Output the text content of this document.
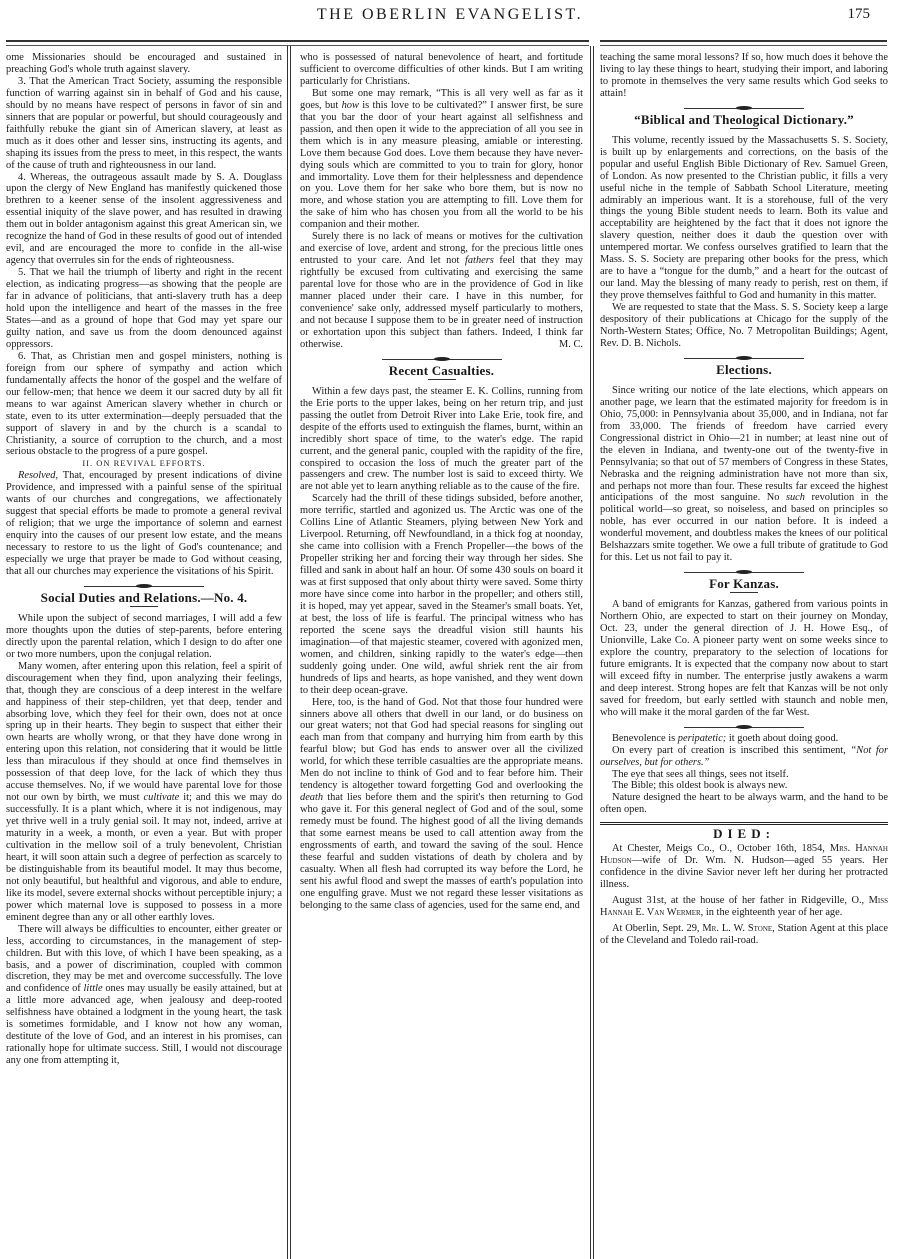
THE OBERLIN EVANGELIST.	175

ome Missionaries should be encouraged and sustained in preaching God's whole truth against slavery.

3. That the American Tract Society, assuming the responsible function of warring against sin in behalf of God and his cause, should by no means have respect of persons in favor of sin and sinners that are popular or powerful, but should courageously and faithfully rebuke the giant sin of American slavery, at least as much as it does other and lesser sins, instructing its agents, and shaping its issues from the press to meet, in this respect, the wants of the cause of truth and righteousness in our land.

4. Whereas, the outrageous assault made by S. A. Douglass upon the clergy of New England has manifestly quickened those brethren to a keener sense of the insolent aggressiveness and essential iniquity of the slave power, and has resulted in drawing them out in bolder antagonism against this great American sin, we recognize the hand of God in these results of good out of intended evil, and are encouraged the more to confide in the all-wise agency that overrules sin for the ends of righteousness.

5. That we hail the triumph of liberty and right in the recent election, as indicating progress—as showing that the people are far in advance of politicians, that anti-slavery truth has a deep hold upon the intelligence and heart of the masses in the free States—and as a ground of hope that God may yet spare our guilty nation, and save us from the doom denounced against oppressors.

6. That, as Christian men and gospel ministers, nothing is foreign from our sphere of sympathy and action which fundamentally affects the honor of the gospel and the welfare of our fellow-men; that hence we deem it our sacred duty by all fit means to war against American slavery whether in church or state, even to its utter extermination—deeply persuaded that the support of slavery in and by the church is a scandal to Christianity, a source of corruption to the church, and a most serious obstacle to the progress of a pure gospel.

II. ON REVIVAL EFFORTS.

Resolved, That, encouraged by present indications of divine Providence, and impressed with a painful sense of the spiritual wants of our churches and congregations, we affectionately suggest that special efforts be made to promote a general revival of religion; that we urge the importance of solemn and earnest enquiry into the causes of our present low estate, and the means necessary to restore to us the light of God's countenance; and especially we urge that prayer be made to God without ceasing, that all our churches may experience the visitations of his Spirit.

Social Duties and Relations.—No. 4.

While upon the subject of second marriages, I will add a few more thoughts upon the duties of step-parents, before entering directly upon the parental relation, which I design to do after one or two more numbers, upon the conjugal relation.

Many women, after entering upon this relation, feel a spirit of discouragement when they find, upon analyzing their feelings, that, though they are conscious of a deep interest in the welfare and happiness of their step-children, yet that deep, tender and absorbing love, which they feel for their own, does not at once spring up in their hearts. They begin to suspect that either their own hearts are wholly wrong, or that they have done wrong in entering upon this relation, not considering that it would be little less than miraculous if they should at once find themselves in possession of that deep love, for the lack of which they thus accuse themselves. No, if we would have parental love for those not our own by birth, we must cultivate it; and this we may do successfully. It is a plant which, where it is not indigenous, may yet thrive well in a truly genial soil. It may not, indeed, arrive at maturity in a week, a month, or even a year. But with proper cultivation in the mellow soil of a truly benevolent, Christian heart, it will soon attain such a degree of perfection as scarcely to be distinguishable from its beautiful model. It may thus become, not only beautiful, but healthful and vigorous, and able to endure, like its model, severe external shocks without perceptible injury; a power which maternal love is supposed to possess in a more eminent degree than any or all other earthly loves.

There will always be difficulties to encounter, either greater or less, according to circumstances, in the management of step-children. But with this love, of which I have been speaking, as a basis, and a power of discrimination, coupled with common discretion, they may be met and overcome successfully. The love and confidence of little ones may usually be easily attained, but at a little more advanced age, when jealousy and deep-rooted selfishness have obtained a lodgment in the young heart, the task is sometimes formidable, and I know not how any woman, destitute of the love of God, and an interest in his promises, can rationally hope for ultimate success. Still, I would not discourage any one from attempting it,

who is possessed of natural benevolence of heart, and fortitude sufficient to overcome difficulties of other kinds. But I am writing particularly for Christians.

But some one may remark, “This is all very well as far as it goes, but how is this love to be cultivated?” I answer first, be sure that you bar the door of your heart against all selfishness and passion, and then open it wide to the appreciation of all you see in them which is in any measure pleasing, amiable or interesting. Love them because God does. Love them because they have never-dying souls which are committed to you to train for glory, honor and immortality. Love them for their helplessness and dependence on you. Love them for her sake who bore them, but is now no more, and whose station you are attempting to fill. Love them for the sake of him who has chosen you from all the world to be his companion and their mother.

Surely there is no lack of means or motives for the cultivation and exercise of love, ardent and strong, for the precious little ones entrusted to your care. And let not fathers feel that they may rightfully be excused from cultivating and exercising the same parental love for those who are in the providence of God in like manner placed under their care. I have in this number, for convenience' sake only, addressed myself particularly to mothers, and not because I suppose them to be in greater need of instruction or exhortation upon this subject than fathers. Indeed, I think far otherwise.	M. C.

Recent Casualties.

Within a few days past, the steamer E. K. Collins, running from the Erie ports to the upper lakes, being on her return trip, and just passing the outlet from Detroit River into Lake Erie, took fire, and despite of the efforts used to extinguish the flames, burnt, within an incredibly short space of time, to the water's edge. The rapid current, and the general panic, coupled with the rapidity of the fire, conspired to occasion the loss of much the greater part of the passengers and crew. The number lost is said to exceed thirty. We are not able yet to learn anything reliable as to the cause of the fire.

Scarcely had the thrill of these tidings subsided, before another, more terrific, startled and agonized us. The Arctic was one of the Collins Line of Atlantic Steamers, plying between New York and Liverpool. Returning, off Newfoundland, in a thick fog at noonday, she came into collision with a French Propeller—the bows of the Propeller striking her and forcing their way through her sides. She filled and sank in about half an hour. Of some 430 souls on board it was at first supposed that only about thirty were saved. Some thirty more have since come into harbor in the propeller; and others still, it is hoped, may yet appear, saved in the Steamer's small boats. Yet, at best, the loss of life is fearful. The principal witness who has reported the scene says the dreadful vision still haunts his imagination—of that majestic steamer, covered with agonized men, women, and children, sinking rapidly to the water's edge—then suddenly going under. One wild, awful shriek rent the air from hundreds of lips and hearts, as hope vanished, and they went down to their deep ocean-grave.

Here, too, is the hand of God. Not that those four hundred were sinners above all others that dwell in our land, or do business on our great waters; not that God had special reasons for singling out each man from that company and hurrying him from earth by this fearful blow; but God has ends to answer over all the civilized world, for which these terrible casualties are the appropriate means. Men do not incline to think of God and to fear before him. Their tendency is altogether toward forgetting God and overlooking the death that lies before them and the spirit's then returning to God who gave it. For this general neglect of God and of the soul, some remedy must be found. The highest good of all the living demands that some earnest means be used to call attention away from the engrossments of earth, and toward the saving of the soul. Hence these fearful and sudden vistations of death by cholera and by casualty. When all flesh had corrupted its way before the Lord, he sent his awful flood and swept the masses of earth's population into one engulfing grave. Must we not regard these lesser visitations as belonging to the same class of agencies, used for the same end, and

teaching the same moral lessons? If so, how much does it behove the living to lay these things to heart, studying their import, and laboring to promote in themselves the very same results which God seeks to attain!

“Biblical and Theological Dictionary.”

This volume, recently issued by the Massachusetts S. S. Society, is built up by enlargements and corrections, on the basis of the popular and useful English Bible Dictionary of Rev. Samuel Green, of London. As now presented to the Christian public, it fills a very useful niche in the temple of Sabbath School Literature, meeting admirably an imperious want. It is a storehouse, full of the very things the young Bible student needs to learn. Both its value and acceptability are heightened by the fact that it does not ignore the slavery question, neither does it daub the question over with untempered mortar. We confess ourselves gratified to learn that the Mass. S. S. Society are preparing other books for the press, which are to have a “tongue for the dumb,” and a heart for the outcast of our land. May the blessing of many ready to perish, rest on them, if they prove themselves faithful to God and humanity in this matter.

We are requested to state that the Mass. S. S. Society keep a large despository of their publications at Chicago for the supply of the North-Western States; Office, No. 7 Metropolitan Buildings; Agent, Rev. D. B. Nichols.

Elections.

Since writing our notice of the late elections, which appears on another page, we learn that the estimated majority for freedom is in Ohio, 75,000: in Pennsylvania about 35,000, and in Indiana, not far from 33,000. The friends of freedom have carried every Congressional district in Ohio—21 in number; at least nine out of the eleven in Indiana, and twenty-one out of the twenty-five in Pennsylvania; so that out of 57 members of Congress in these States, Nebraska and the reigning administration have not more than six, and perhaps not more than four. These results far exceed the highest anticipations of the most sanguine. No such revolution in the political world—so great, so noiseless, and based on principles so noble, has ever occurred in our nation before. It is indeed a wonderful movement, and doubtless makes the knees of our political Belshazzars smite together. We owe a full tribute of gratitude to God for this. Let us not fail to pay it.

For Kanzas.

A band of emigrants for Kanzas, gathered from various points in Northern Ohio, are expected to start on their journey on Monday, Oct. 23, under the general direction of J. H. Howe Esq., of Unionville, Lake Co. A pioneer party went on some weeks since to explore the country, preparatory to the selection of locations for future emigrants. It is expected that the company now about to start will exceed fifty in number. The enterprise justly awakens a warm and deep interest. Strong hopes are felt that Kanzas will be not only saved for freedom, but early settled with staunch and noble men, who will make it the moral garden of the far West.

Benevolence is peripatetic; it goeth about doing good.

On every part of creation is inscribed this sentiment, “Not for ourselves, but for others.”

The eye that sees all things, sees not itself.

The Bible; this oldest book is always new.

Nature designed the heart to be always warm, and the hand to be often open.

DIED:

At Chester, Meigs Co., O., October 16th, 1854, Mrs. Hannah Hudson—wife of Dr. Wm. N. Hudson—aged 55 years. Her confidence in the divine Savior never left her during her protracted illness.

August 31st, at the house of her father in Ridgeville, O., Miss Hannah E. Van Wermer, in the eighteenth year of her age.

At Oberlin, Sept. 29, Mr. L. W. Stone, Station Agent at this place of the Cleveland and Toledo rail-road.
